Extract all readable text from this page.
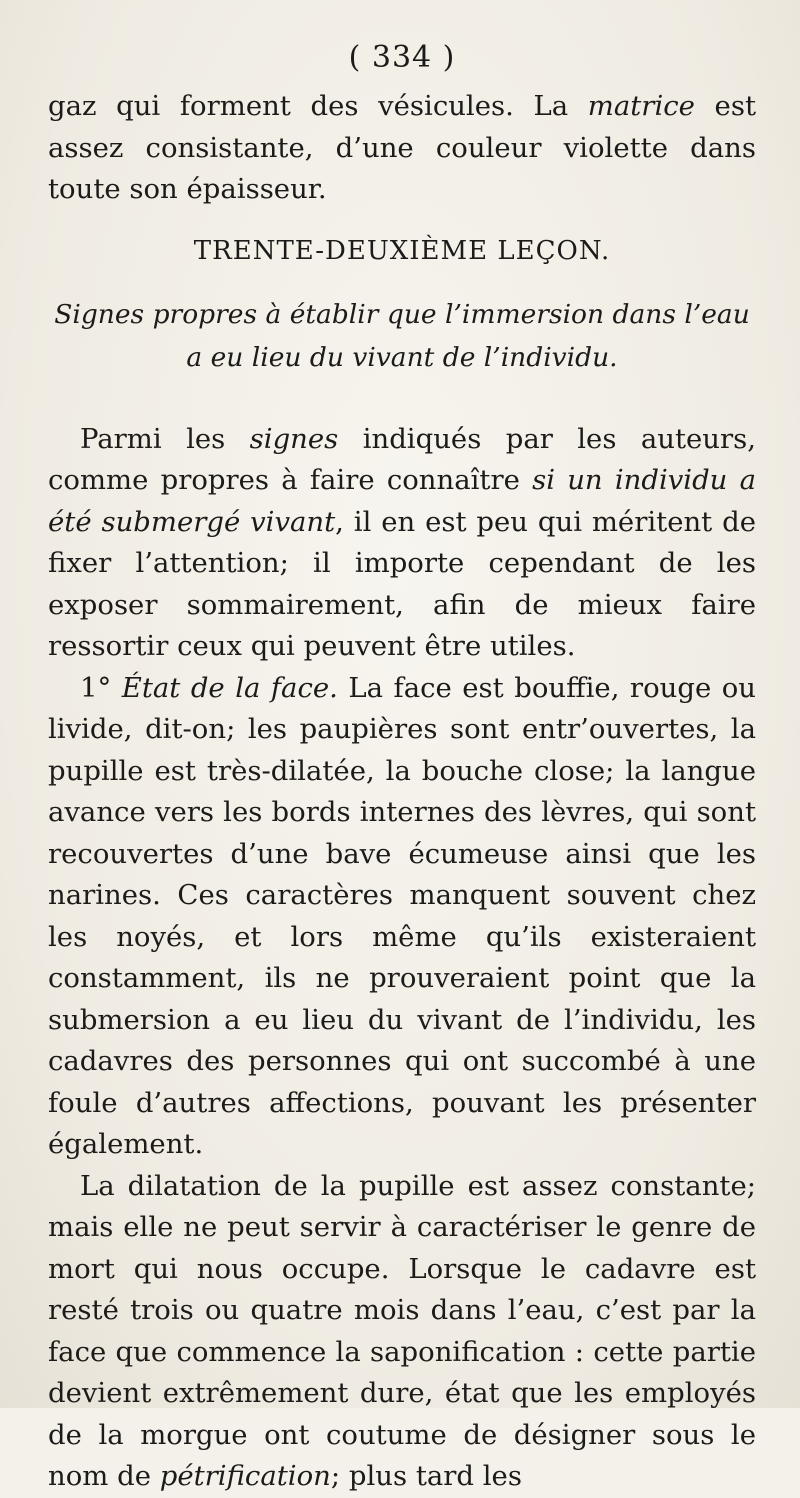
( 334 )

gaz qui forment des vésicules. La matrice est assez consistante, d’une couleur violette dans toute son épaisseur.

TRENTE-DEUXIÈME LEÇON.
Signes propres à établir que l’immersion dans l’eau a eu lieu du vivant de l’individu.

Parmi les signes indiqués par les auteurs, comme propres à faire connaître si un individu a été submergé vivant, il en est peu qui méritent de fixer l’attention; il importe cependant de les exposer sommairement, afin de mieux faire ressortir ceux qui peuvent être utiles.

1° État de la face. La face est bouffie, rouge ou livide, dit-on; les paupières sont entr’ouvertes, la pupille est très-dilatée, la bouche close; la langue avance vers les bords internes des lèvres, qui sont recouvertes d’une bave écumeuse ainsi que les narines. Ces caractères manquent souvent chez les noyés, et lors même qu’ils existeraient constamment, ils ne prouveraient point que la submersion a eu lieu du vivant de l’individu, les cadavres des personnes qui ont succombé à une foule d’autres affections, pouvant les présenter également.

La dilatation de la pupille est assez constante; mais elle ne peut servir à caractériser le genre de mort qui nous occupe. Lorsque le cadavre est resté trois ou quatre mois dans l’eau, c’est par la face que commence la saponification : cette partie devient extrêmement dure, état que les employés de la morgue ont coutume de désigner sous le nom de pétrification; plus tard les
